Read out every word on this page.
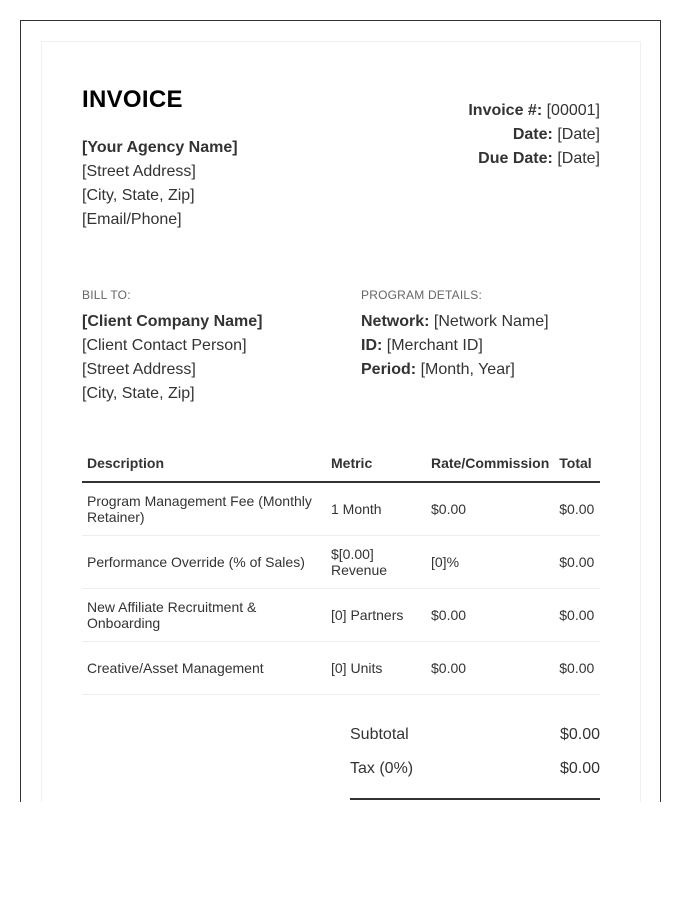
INVOICE
[Your Agency Name]
[Street Address]
[City, State, Zip]
[Email/Phone]
Invoice #: [00001]
Date: [Date]
Due Date: [Date]
BILL TO:
[Client Company Name]
[Client Contact Person]
[Street Address]
[City, State, Zip]
PROGRAM DETAILS:
Network: [Network Name]
ID: [Merchant ID]
Period: [Month, Year]
Description	Metric	Rate/Commission	Total
Program Management Fee (Monthly Retainer)	1 Month	$0.00	$0.00
Performance Override (% of Sales)	$[0.00] Revenue	[0]%	$0.00
New Affiliate Recruitment & Onboarding	[0] Partners	$0.00	$0.00
Creative/Asset Management	[0] Units	$0.00	$0.00
Subtotal	$0.00
Tax (0%)	$0.00
